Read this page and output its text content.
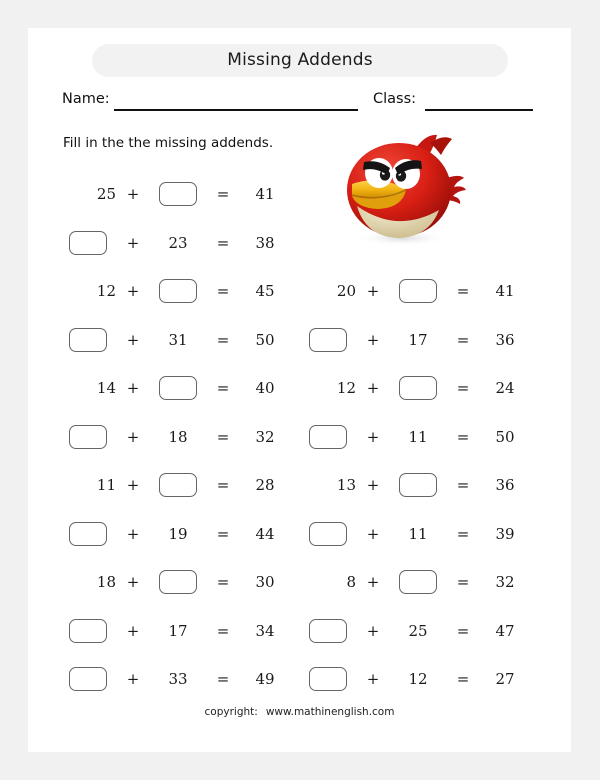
Missing Addends
Name:	Class:
Fill in the the missing addends.
25 +	=	41
+	23	=	38
12 +	=	45
+	31	=	50
14 +	=	40
+	18	=	32
11 +	=	28
+	19	=	44
18 +	=	30
+	17	=	34
+	33	=	49
20 +	=	41
+	17	=	36
12 +	=	24
+	11	=	50
13 +	=	36
+	11	=	39
8 +	=	32
+	25	=	47
+	12	=	27
copyright: www.mathinenglish.com
